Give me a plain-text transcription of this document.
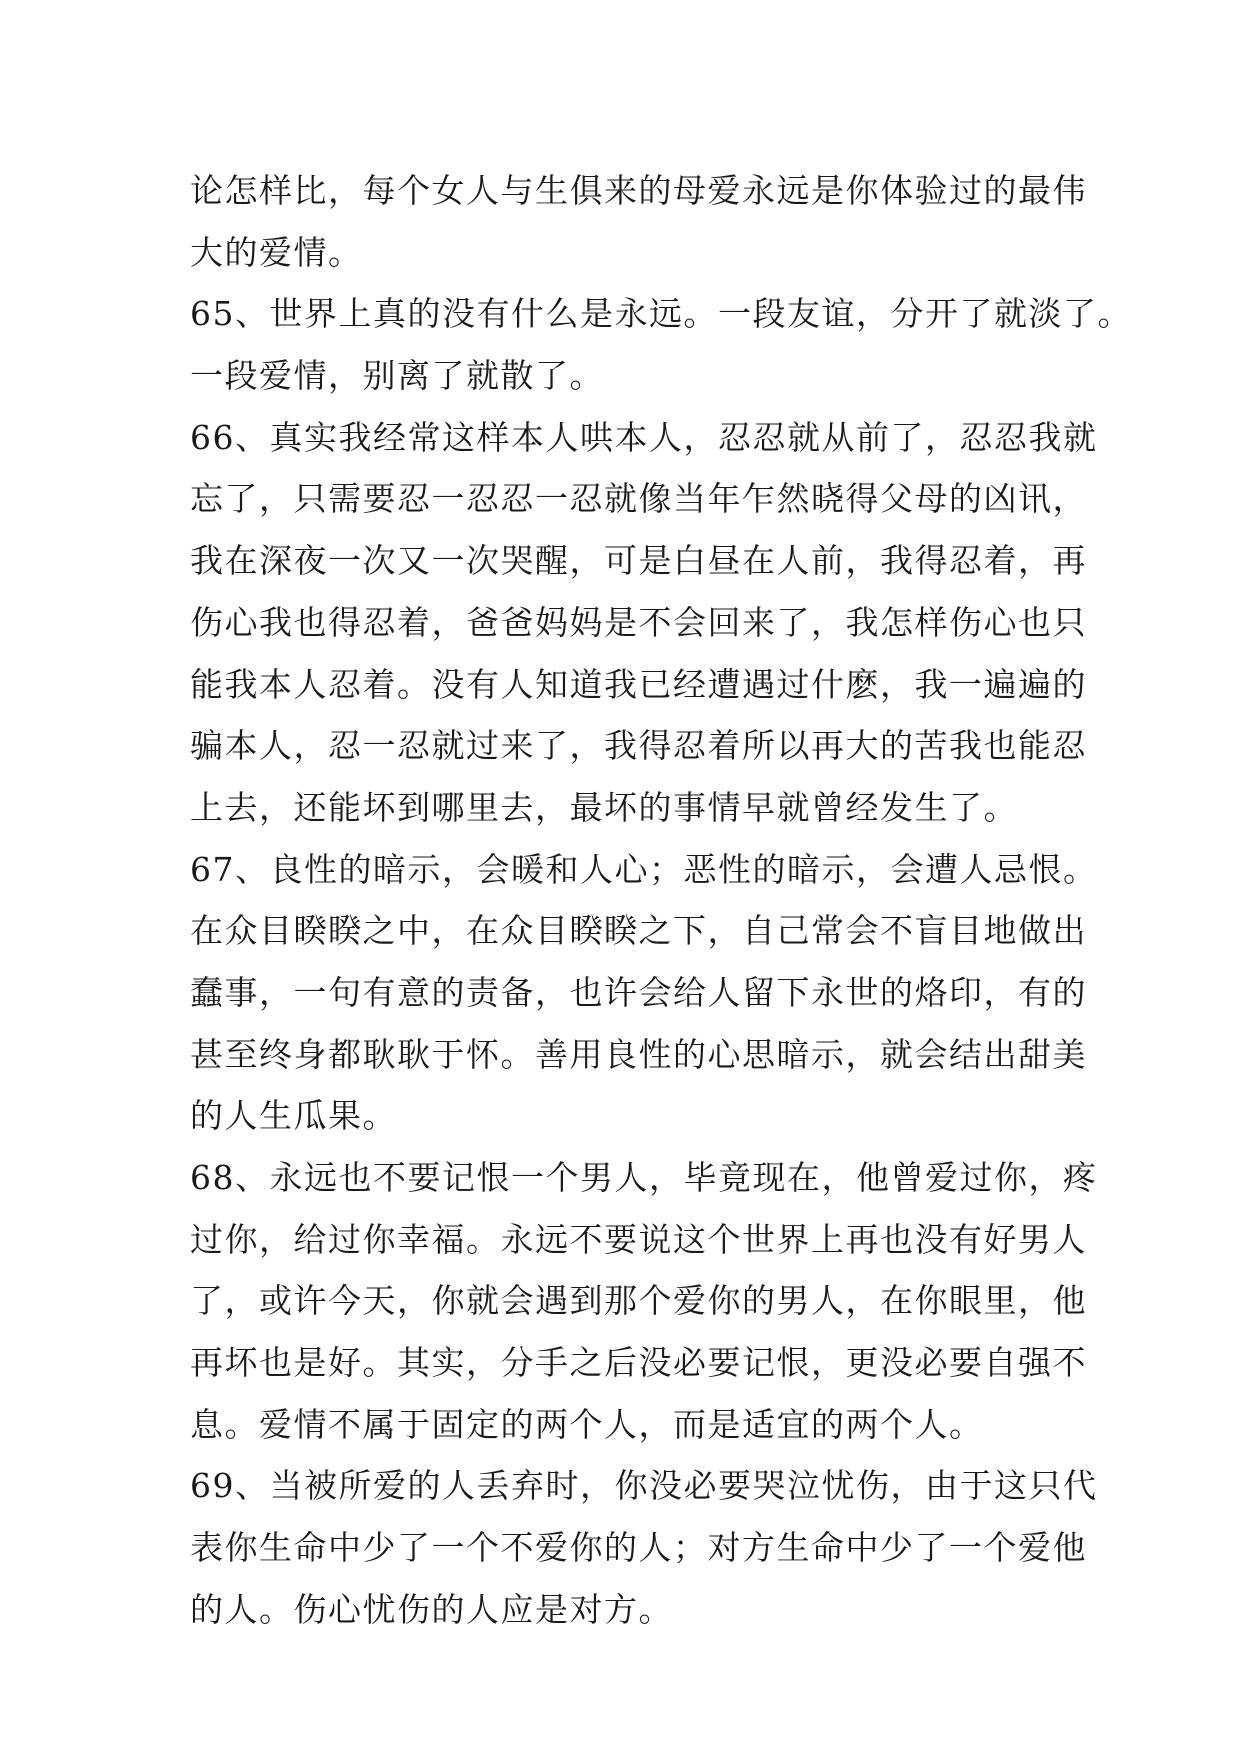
论怎样比，每个女人与生俱来的母爱永远是你体验过的最伟
大的爱情。
65、世界上真的没有什么是永远。一段友谊，分开了就淡了。
一段爱情，别离了就散了。
66、真实我经常这样本人哄本人，忍忍就从前了，忍忍我就
忘了，只需要忍一忍忍一忍就像当年乍然晓得父母的凶讯，
我在深夜一次又一次哭醒，可是白昼在人前，我得忍着，再
伤心我也得忍着，爸爸妈妈是不会回来了，我怎样伤心也只
能我本人忍着。没有人知道我已经遭遇过什麽，我一遍遍的
骗本人，忍一忍就过来了，我得忍着所以再大的苦我也能忍
上去，还能坏到哪里去，最坏的事情早就曾经发生了。
67、良性的暗示，会暖和人心；恶性的暗示，会遭人忌恨。
在众目睽睽之中，在众目睽睽之下，自己常会不盲目地做出
蠢事，一句有意的责备，也许会给人留下永世的烙印，有的
甚至终身都耿耿于怀。善用良性的心思暗示，就会结出甜美
的人生瓜果。
68、永远也不要记恨一个男人，毕竟现在，他曾爱过你，疼
过你，给过你幸福。永远不要说这个世界上再也没有好男人
了，或许今天，你就会遇到那个爱你的男人，在你眼里，他
再坏也是好。其实，分手之后没必要记恨，更没必要自强不
息。爱情不属于固定的两个人，而是适宜的两个人。
69、当被所爱的人丢弃时，你没必要哭泣忧伤，由于这只代
表你生命中少了一个不爱你的人；对方生命中少了一个爱他
的人。伤心忧伤的人应是对方。
